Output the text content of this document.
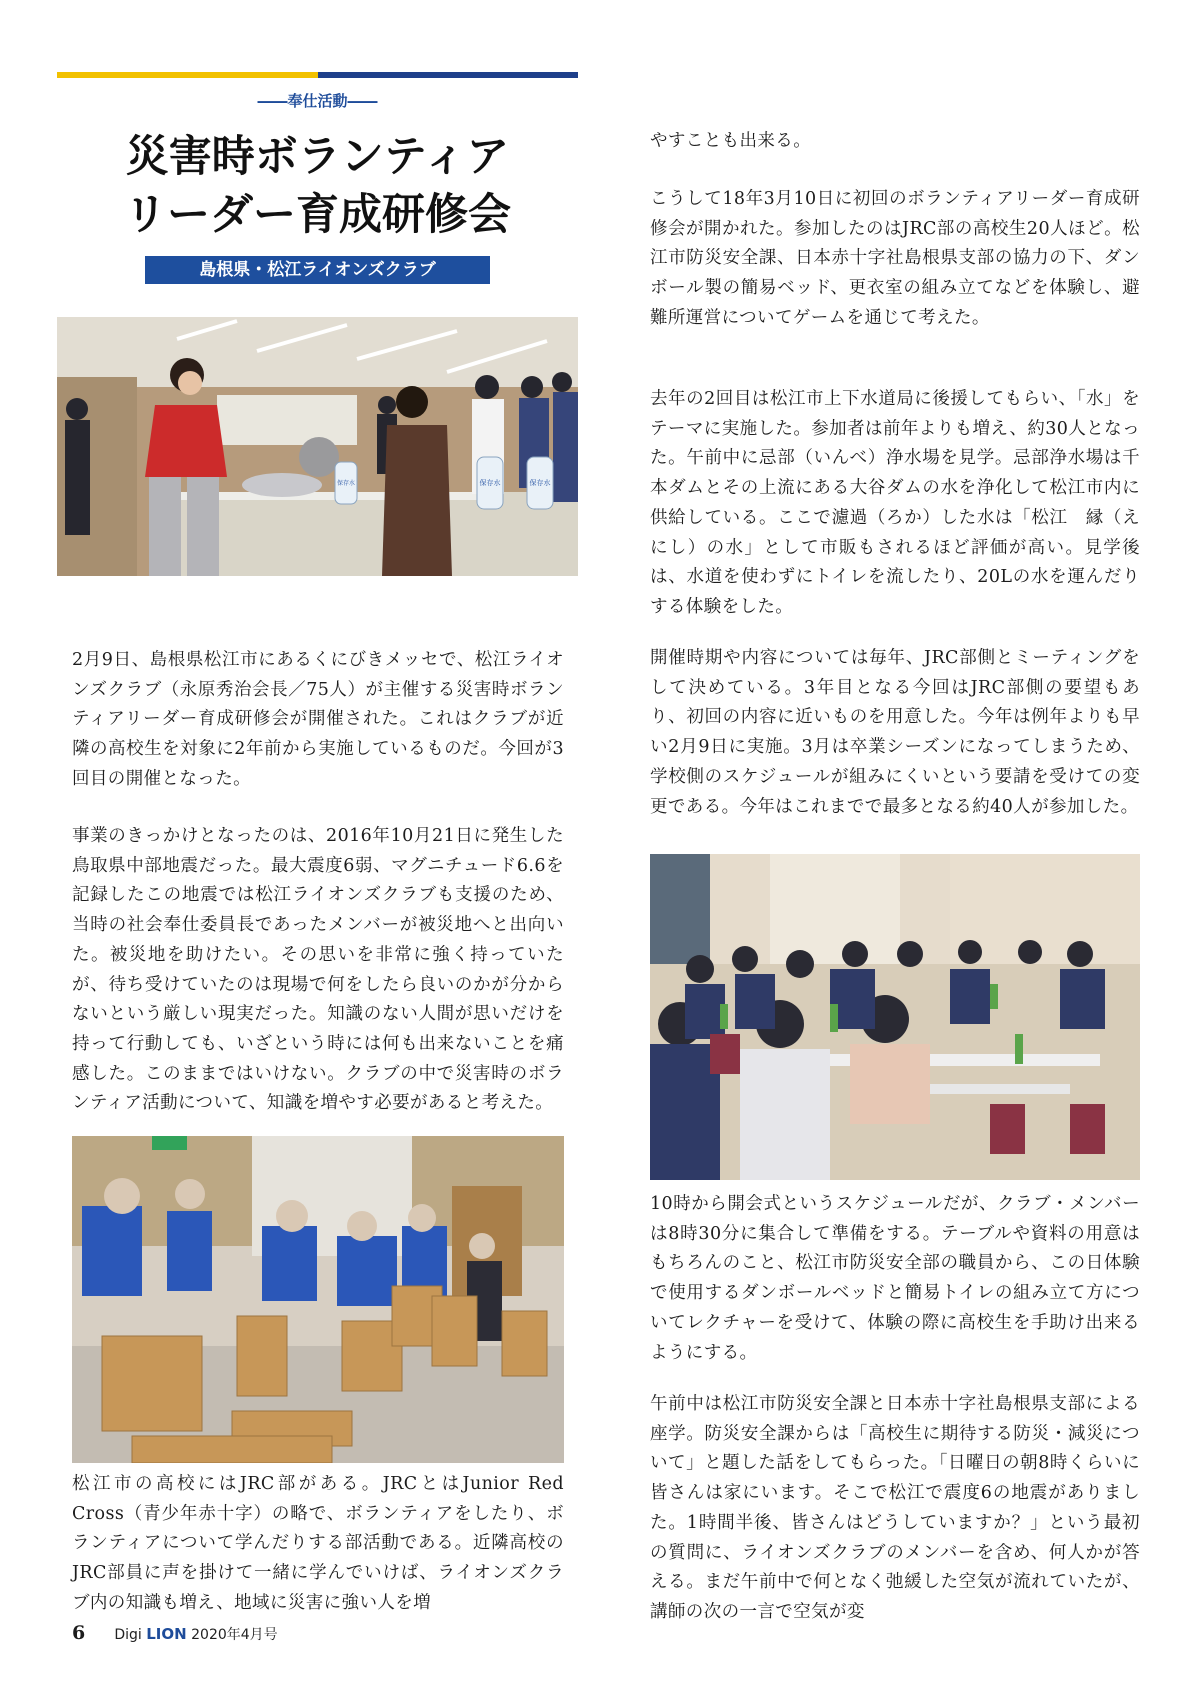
――奉仕活動――
災害時ボランティア
リーダー育成研修会
島根県・松江ライオンズクラブ
保存水	保存水	保存水

2月9日、島根県松江市にあるくにびきメッセで、松江ライオンズクラブ（永原秀治会長／75人）が主催する災害時ボランティアリーダー育成研修会が開催された。これはクラブが近隣の高校生を対象に2年前から実施しているものだ。今回が3回目の開催となった。

事業のきっかけとなったのは、2016年10月21日に発生した鳥取県中部地震だった。最大震度6弱、マグニチュード6.6を記録したこの地震では松江ライオンズクラブも支援のため、当時の社会奉仕委員長であったメンバーが被災地へと出向いた。被災地を助けたい。その思いを非常に強く持っていたが、待ち受けていたのは現場で何をしたら良いのかが分からないという厳しい現実だった。知識のない人間が思いだけを持って行動しても、いざという時には何も出来ないことを痛感した。このままではいけない。クラブの中で災害時のボランティア活動について、知識を増やす必要があると考えた。

松江市の高校にはJRC部がある。JRCとはJunior Red Cross（青少年赤十字）の略で、ボランティアをしたり、ボランティアについて学んだりする部活動である。近隣高校のJRC部員に声を掛けて一緒に学んでいけば、ライオンズクラブ内の知識も増え、地域に災害に強い人を増

やすことも出来る。

こうして18年3月10日に初回のボランティアリーダー育成研修会が開かれた。参加したのはJRC部の高校生20人ほど。松江市防災安全課、日本赤十字社島根県支部の協力の下、ダンボール製の簡易ベッド、更衣室の組み立てなどを体験し、避難所運営についてゲームを通じて考えた。

去年の2回目は松江市上下水道局に後援してもらい、「水」をテーマに実施した。参加者は前年よりも増え、約30人となった。午前中に忌部（いんべ）浄水場を見学。忌部浄水場は千本ダムとその上流にある大谷ダムの水を浄化して松江市内に供給している。ここで濾過（ろか）した水は「松江　縁（えにし）の水」として市販もされるほど評価が高い。見学後は、水道を使わずにトイレを流したり、20Lの水を運んだりする体験をした。

開催時期や内容については毎年、JRC部側とミーティングをして決めている。3年目となる今回はJRC部側の要望もあり、初回の内容に近いものを用意した。今年は例年よりも早い2月9日に実施。3月は卒業シーズンになってしまうため、学校側のスケジュールが組みにくいという要請を受けての変更である。今年はこれまでで最多となる約40人が参加した。

10時から開会式というスケジュールだが、クラブ・メンバーは8時30分に集合して準備をする。テーブルや資料の用意はもちろんのこと、松江市防災安全部の職員から、この日体験で使用するダンボールベッドと簡易トイレの組み立て方についてレクチャーを受けて、体験の際に高校生を手助け出来るようにする。

午前中は松江市防災安全課と日本赤十字社島根県支部による座学。防災安全課からは「高校生に期待する防災・減災について」と題した話をしてもらった。「日曜日の朝8時くらいに皆さんは家にいます。そこで松江で震度6の地震がありました。1時間半後、皆さんはどうしていますか？」という最初の質問に、ライオンズクラブのメンバーを含め、何人かが答える。まだ午前中で何となく弛緩した空気が流れていたが、講師の次の一言で空気が変

6 Digi LION 2020年4月号
